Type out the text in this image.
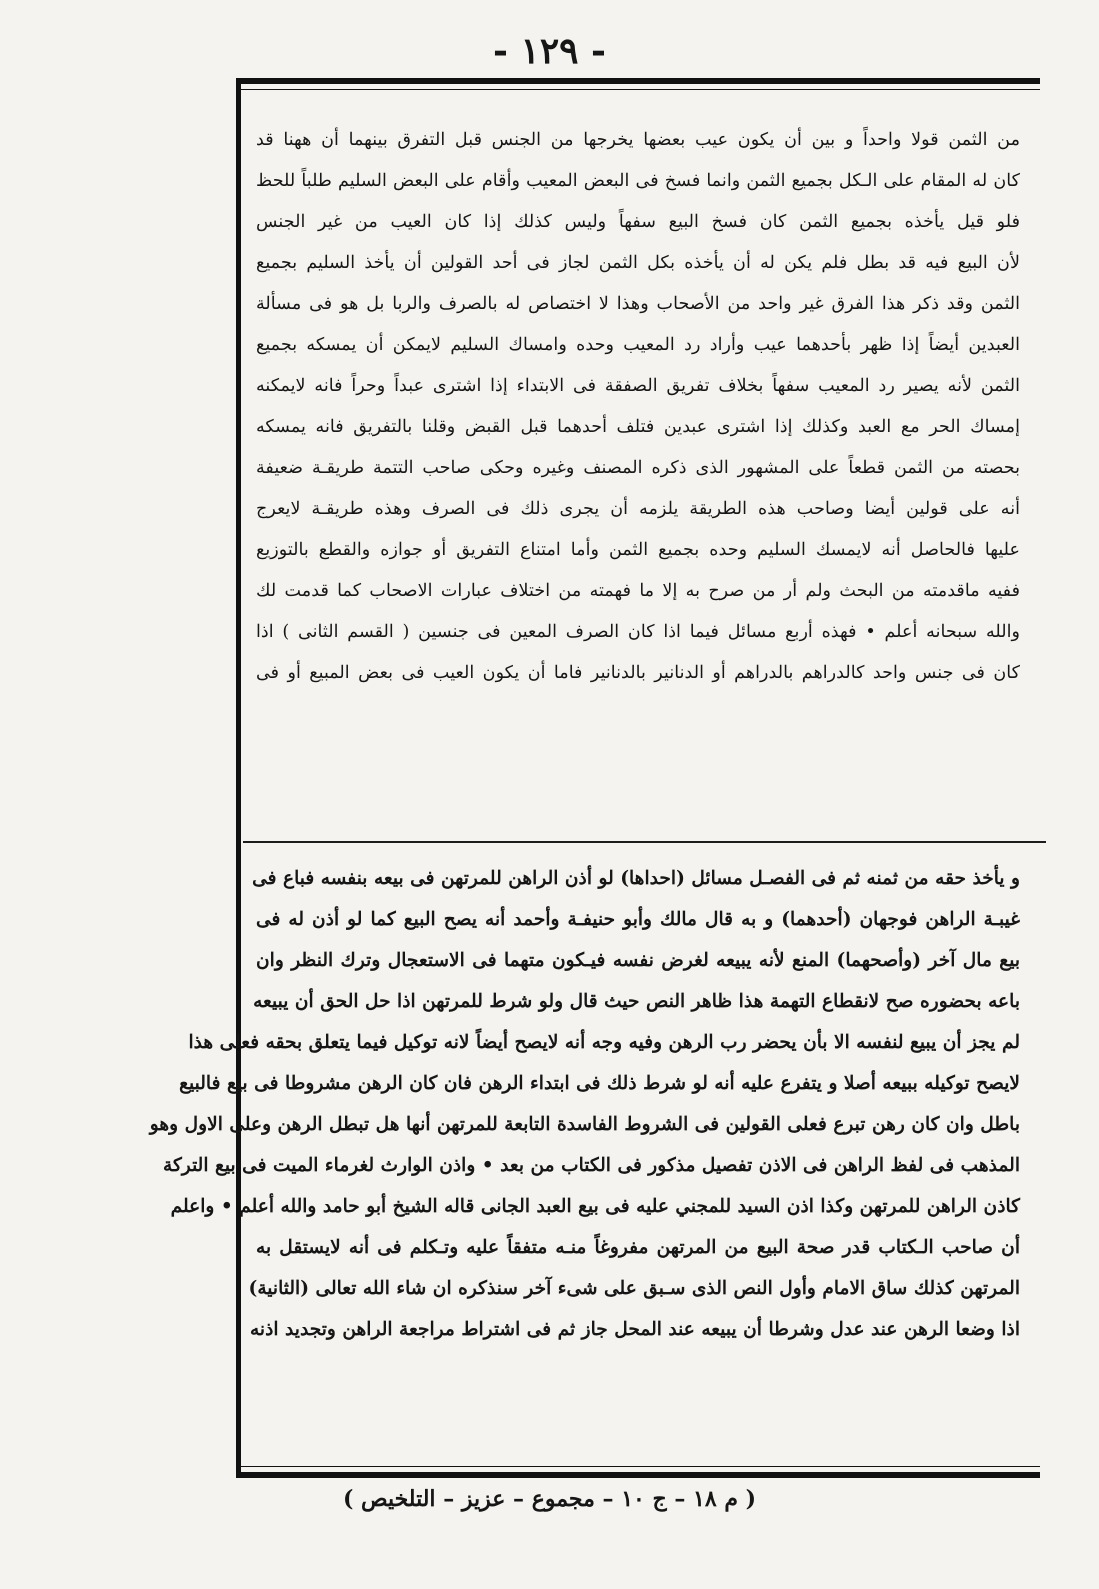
- ١٢٩ -

من الثمن قولا واحداً و بين أن يكون عيب بعضها يخرجها من الجنس قبل التفرق بينهما أن ههنا قد

كان له المقام على الـكل بجميع الثمن وانما فسخ فى البعض المعيب وأقام على البعض السليم طلباً للحظ

فلو قيل يأخذه بجميع الثمن كان فسخ البيع سفهاً وليس كذلك إذا كان العيب من غير الجنس

لأن البيع فيه قد بطل فلم يكن له أن يأخذه بكل الثمن لجاز فى أحد القولين أن يأخذ السليم بجميع

الثمن وقد ذكر هذا الفرق غير واحد من الأصحاب وهذا لا اختصاص له بالصرف والربا بل هو فى مسألة

العبدين أيضاً إذا ظهر بأحدهما عيب وأراد رد المعيب وحده وامساك السليم لايمكن أن يمسكه بجميع

الثمن لأنه يصير رد المعيب سفهاً بخلاف تفريق الصفقة فى الابتداء إذا اشترى عبداً وحراً فانه لايمكنه

إمساك الحر مع العبد وكذلك إذا اشترى عبدين فتلف أحدهما قبل القبض وقلنا بالتفريق فانه يمسكه

بحصته من الثمن قطعاً على المشهور الذى ذكره المصنف وغيره وحكى صاحب التتمة طريقـة ضعيفة

أنه على قولين أيضا وصاحب هذه الطريقة يلزمه أن يجرى ذلك فى الصرف وهذه طريقـة لايعرج

عليها فالحاصل أنه لايمسك السليم وحده بجميع الثمن وأما امتناع التفريق أو جوازه والقطع بالتوزيع

ففيه ماقدمته من البحث ولم أر من صرح به إلا ما فهمته من اختلاف عبارات الاصحاب كما قدمت لك

والله سبحانه أعلم • فهذه أربع مسائل فيما اذا كان الصرف المعين فى جنسين ( القسم الثانى ) اذا

كان فى جنس واحد كالدراهم بالدراهم أو الدنانير بالدنانير فاما أن يكون العيب فى بعض المبيع أو فى

و يأخذ حقه من ثمنه ثم فى الفصـل مسائل (احداها) لو أذن الراهن للمرتهن فى بيعه بنفسه فباع فى

غيبـة الراهن فوجهان (أحدهما) و به قال مالك وأبو حنيفـة وأحمد أنه يصح البيع كما لو أذن له فى

بيع مال آخر (وأصحهما) المنع لأنه يبيعه لغرض نفسه فيـكون متهما فى الاستعجال وترك النظر وان

باعه بحضوره صح لانقطاع التهمة هذا ظاهر النص حيث قال ولو شرط للمرتهن اذا حل الحق أن يبيعه

لم يجز أن يبيع لنفسه الا بأن يحضر رب الرهن وفيه وجه أنه لايصح أيضاً لانه توكيل فيما يتعلق بحقه فعلى هذا

لايصح توكيله ببيعه أصلا و يتفرع عليه أنه لو شرط ذلك فى ابتداء الرهن فان كان الرهن مشروطا فى بيع فالبيع

باطل وان كان رهن تبرع فعلى القولين فى الشروط الفاسدة التابعة للمرتهن أنها هل تبطل الرهن وعلى الاول وهو

المذهب فى لفظ الراهن فى الاذن تفصيل مذكور فى الكتاب من بعد • واذن الوارث لغرماء الميت فى بيع التركة

كاذن الراهن للمرتهن وكذا اذن السيد للمجني عليه فى بيع العبد الجانى قاله الشيخ أبو حامد والله أعلم • واعلم

أن صاحب الـكتاب قدر صحة البيع من المرتهن مفروغاً منـه متفقاً عليه وتـكلم فى أنه لايستقل به

المرتهن كذلك ساق الامام وأول النص الذى سـبق على شىء آخر سنذكره ان شاء الله تعالى (الثانية)

اذا وضعا الرهن عند عدل وشرطا أن يبيعه عند المحل جاز ثم فى اشتراط مراجعة الراهن وتجديد اذنه

( م ١٨ – ج ١٠ – مجموع – عزيز – التلخيص )
